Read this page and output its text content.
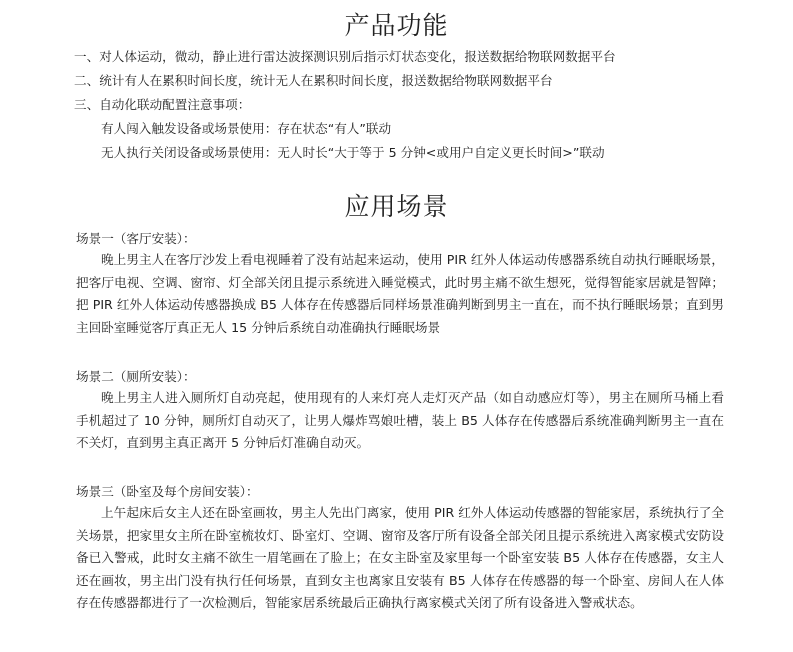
产品功能
一、对人体运动，微动，静止进行雷达波探测识别后指示灯状态变化，报送数据给物联网数据平台
二、统计有人在累积时间长度，统计无人在累积时间长度，报送数据给物联网数据平台
三、自动化联动配置注意事项：
有人闯入触发设备或场景使用：存在状态“有人”联动
无人执行关闭设备或场景使用：无人时长“大于等于 5 分钟<或用户自定义更长时间>”联动
应用场景
场景一（客厅安装）：

晚上男主人在客厅沙发上看电视睡着了没有站起来运动，使用 PIR 红外人体运动传感器系统自动执行睡眠场景，把客厅电视、空调、窗帘、灯全部关闭且提示系统进入睡觉模式，此时男主痛不欲生想死，觉得智能家居就是智障；把 PIR 红外人体运动传感器换成 B5 人体存在传感器后同样场景准确判断到男主一直在，而不执行睡眠场景；直到男主回卧室睡觉客厅真正无人 15 分钟后系统自动准确执行睡眠场景

场景二（厕所安装）：

晚上男主人进入厕所灯自动亮起，使用现有的人来灯亮人走灯灭产品（如自动感应灯等），男主在厕所马桶上看手机超过了 10 分钟，厕所灯自动灭了，让男人爆炸骂娘吐槽，装上 B5 人体存在传感器后系统准确判断男主一直在不关灯，直到男主真正离开 5 分钟后灯准确自动灭。

场景三（卧室及每个房间安装）：

上午起床后女主人还在卧室画妆，男主人先出门离家，使用 PIR 红外人体运动传感器的智能家居，系统执行了全关场景，把家里女主所在卧室梳妆灯、卧室灯、空调、窗帘及客厅所有设备全部关闭且提示系统进入离家模式安防设备已入警戒，此时女主痛不欲生一眉笔画在了脸上；在女主卧室及家里每一个卧室安装 B5 人体存在传感器，女主人还在画妆，男主出门没有执行任何场景，直到女主也离家且安装有 B5 人体存在传感器的每一个卧室、房间人在人体存在传感器都进行了一次检测后，智能家居系统最后正确执行离家模式关闭了所有设备进入警戒状态。
